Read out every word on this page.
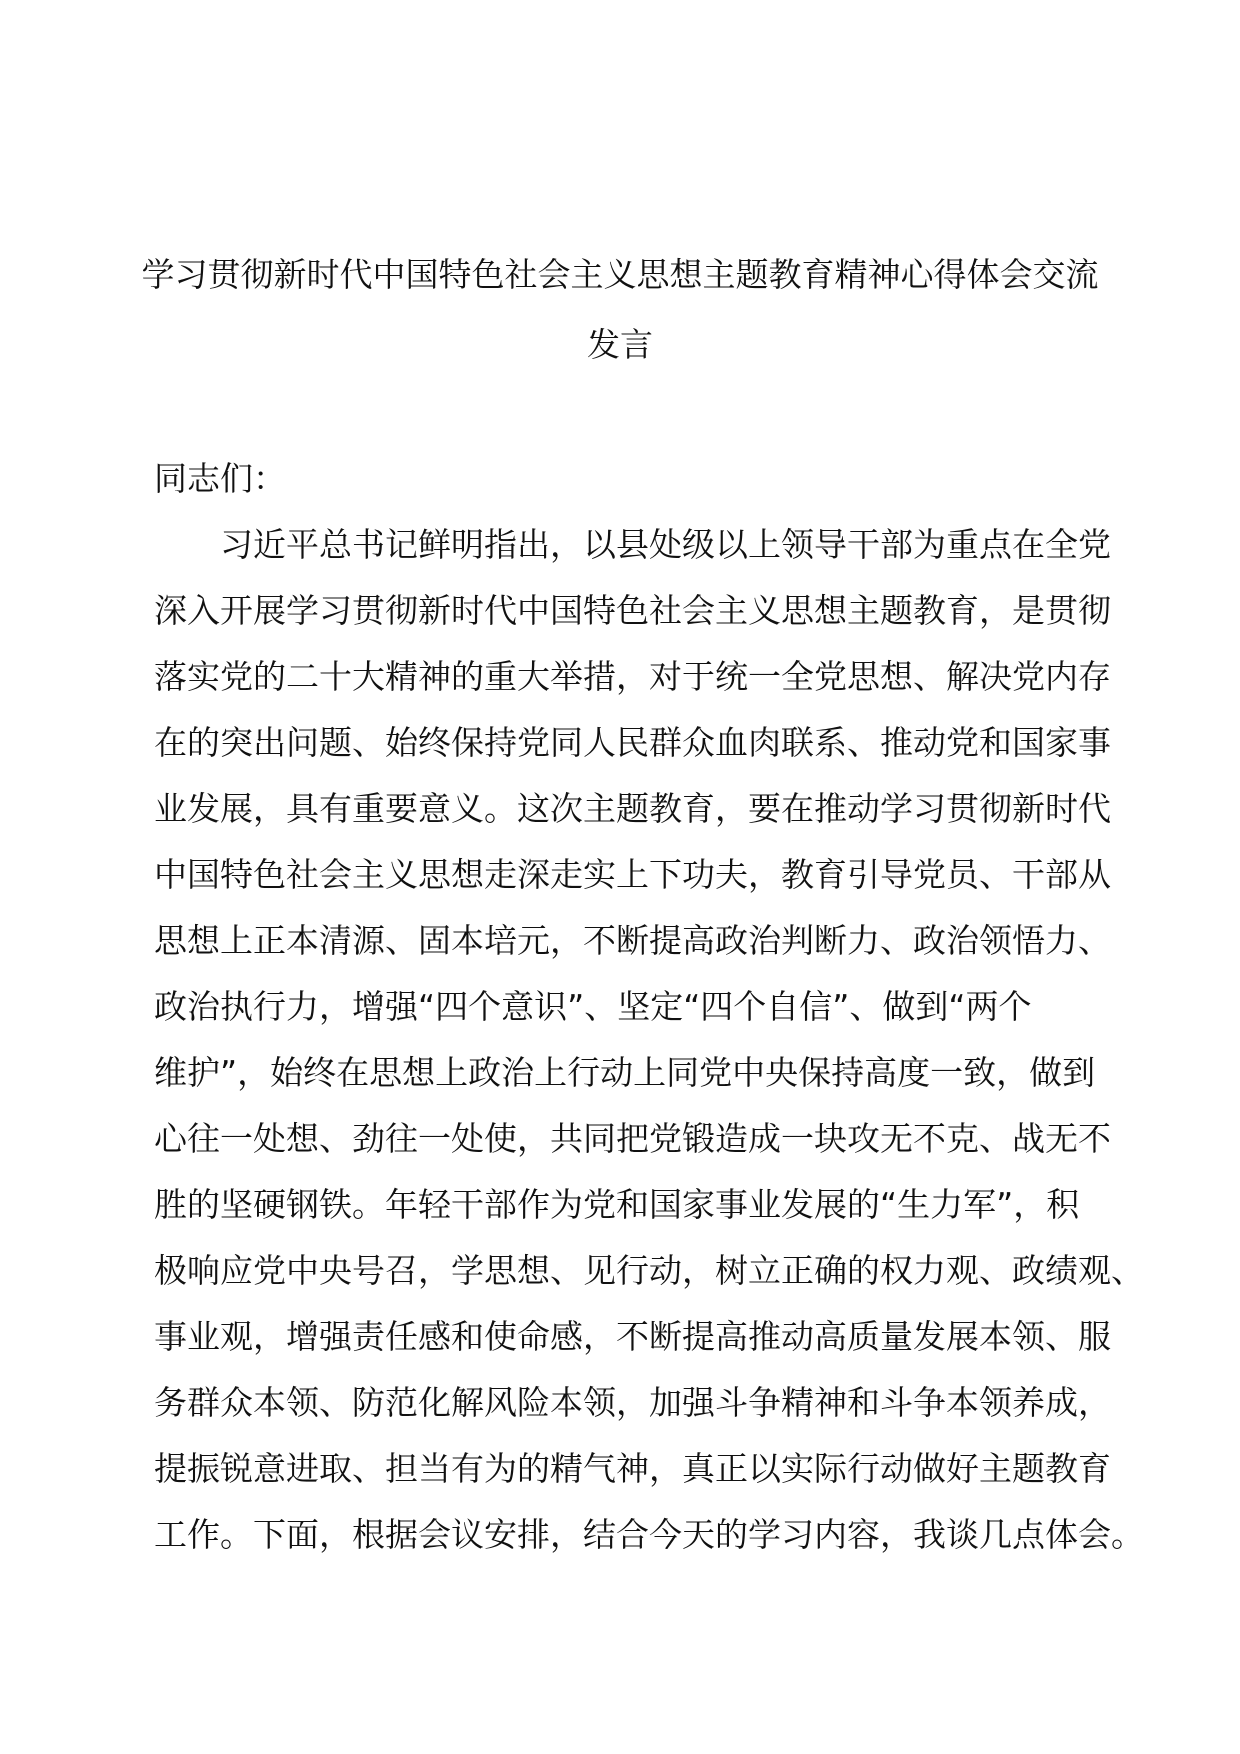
学习贯彻新时代中国特色社会主义思想主题教育精神心得体会交流
发言
同志们：
习近平总书记鲜明指出，以县处级以上领导干部为重点在全党
深入开展学习贯彻新时代中国特色社会主义思想主题教育，是贯彻
落实党的二十大精神的重大举措，对于统一全党思想、解决党内存
在的突出问题、始终保持党同人民群众血肉联系、推动党和国家事
业发展，具有重要意义。这次主题教育，要在推动学习贯彻新时代
中国特色社会主义思想走深走实上下功夫，教育引导党员、干部从
思想上正本清源、固本培元，不断提高政治判断力、政治领悟力、
政治执行力，增强“四个意识”、坚定“四个自信”、做到“两个
维护”，始终在思想上政治上行动上同党中央保持高度一致，做到
心往一处想、劲往一处使，共同把党锻造成一块攻无不克、战无不
胜的坚硬钢铁。年轻干部作为党和国家事业发展的“生力军”，积
极响应党中央号召，学思想、见行动，树立正确的权力观、政绩观、
事业观，增强责任感和使命感，不断提高推动高质量发展本领、服
务群众本领、防范化解风险本领，加强斗争精神和斗争本领养成，
提振锐意进取、担当有为的精气神，真正以实际行动做好主题教育
工作。下面，根据会议安排，结合今天的学习内容，我谈几点体会。
